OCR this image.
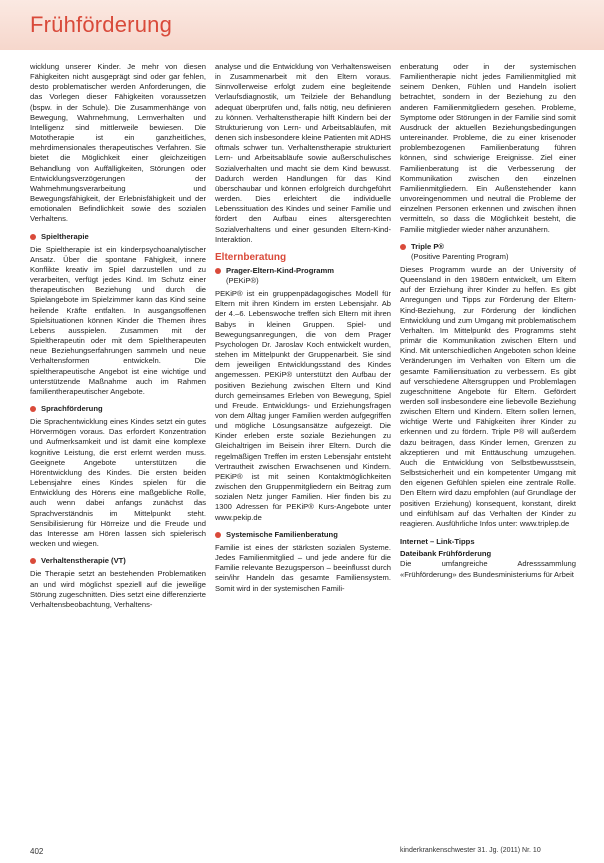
Frühförderung

wicklung unserer Kinder. Je mehr von diesen Fähigkeiten nicht ausgeprägt sind oder gar fehlen, desto problematischer werden Anforderungen, die das Vorlegen dieser Fähigkeiten voraussetzen (bspw. in der Schule). Die Zusammenhänge von Bewegung, Wahrnehmung, Lernverhalten und Intelligenz sind mittlerweile bewiesen. Die Mototherapie ist ein ganzheitliches, mehrdimensionales therapeutisches Verfahren. Sie bietet die Möglichkeit einer gleichzeitigen Behandlung von Auffälligkeiten, Störungen oder Entwicklungsverzögerungen der Wahrnehmungsverarbeitung und Bewegungsfähigkeit, der Erlebnisfähigkeit und der emotionalen Befindlichkeit sowie des sozialen Verhaltens.

Spieltherapie

Die Spieltherapie ist ein kinderpsychoanalytischer Ansatz. Über die spontane Fähigkeit, innere Konflikte kreativ im Spiel darzustellen und zu verarbeiten, verfügt jedes Kind. Im Schutz einer therapeutischen Beziehung und durch die Spielangebote im Spielzimmer kann das Kind seine heilende Kräfte entfalten. In ausgangsoffenen Spielsituationen können Kinder die Themen ihres Lebens ausspielen. Zusammen mit der Spieltherapeutin oder mit dem Spieltherapeuten neue Beziehungserfahrungen sammeln und neue Verhaltensformen entwickeln. Die spieltherapeutische Angebot ist eine wichtige und unterstützende Maßnahme auch im Rahmen familientherapeutischer Angebote.

Sprachförderung

Die Sprachentwicklung eines Kindes setzt ein gutes Hörvermögen voraus. Das erfordert Konzentration und Aufmerksamkeit und ist damit eine komplexe kognitive Leistung, die erst erlernt werden muss. Geeignete Angebote unterstützen die Hörentwicklung des Kindes. Die ersten beiden Lebensjahre eines Kindes spielen für die Entwicklung des Hörens eine maßgebliche Rolle, auch wenn dabei anfangs zunächst das Sprachverständnis im Mittelpunkt steht. Sensibilisierung für Hörreize und die Freude und das Interesse am Hören lassen sich spielerisch wecken und wiegen.

Verhaltenstherapie (VT)

Die Therapie setzt an bestehenden Problematiken an und wird möglichst speziell auf die jeweilige Störung zugeschnitten. Dies setzt eine differenzierte Verhaltensbeobachtung, Verhaltens-

analyse und die Entwicklung von Verhaltensweisen in Zusammenarbeit mit den Eltern voraus. Sinnvollerweise erfolgt zudem eine begleitende Verlaufsdiagnostik, um Teilziele der Behandlung adequat überprüfen und, falls nötig, neu definieren zu können. Verhaltenstherapie hilft Kindern bei der Strukturierung von Lern- und Arbeitsabläufen, mit denen sich insbesondere kleine Patienten mit ADHS oftmals schwer tun. Verhaltenstherapie strukturiert Lern- und Arbeitsabläufe sowie außerschulisches Sozialverhalten und macht sie dem Kind bewusst. Dadurch werden Handlungen für das Kind überschaubar und können erfolgreich durchgeführt werden. Dies erleichtert die individuelle Lebenssituation des Kindes und seiner Familie und fördert den Aufbau eines altersgerechten Sozialverhaltens und einer gesunden Eltern-Kind-Interaktion.

Elternberatung
Prager-Eltern-Kind-Programm
(PEKiP®)

PEKiP® ist ein gruppenpädagogisches Modell für Eltern mit ihren Kindern im ersten Lebensjahr. Ab der 4.–6. Lebenswoche treffen sich Eltern mit ihren Babys in kleinen Gruppen. Spiel- und Bewegungsanregungen, die von dem Prager Psychologen Dr. Jaroslav Koch entwickelt wurden, stehen im Mittelpunkt der Gruppenarbeit. Sie sind dem jeweiligen Entwicklungsstand des Kindes angemessen. PEKiP® unterstützt den Aufbau der positiven Beziehung zwischen Eltern und Kind durch gemeinsames Erleben von Bewegung, Spiel und Freude. Entwicklungs- und Erziehungsfragen von dem Alltag junger Familien werden aufgegriffen und mögliche Lösungsansätze aufgezeigt. Die Kinder erleben erste soziale Beziehungen zu Gleichaltrigen im Beisein ihrer Eltern. Durch die regelmäßigen Treffen im ersten Lebensjahr entsteht Vertrautheit zwischen Erwachsenen und Kindern. PEKiP® ist mit seinen Kontaktmöglichkeiten zwischen den Gruppenmitgliedern ein Beitrag zum sozialen Netz junger Familien. Hier finden bis zu 1300 Adressen für PEKiP® Kurs-Angebote unter www.pekip.de

Systemische Familienberatung

Familie ist eines der stärksten sozialen Systeme. Jedes Familienmitglied – und jede andere für die Familie relevante Bezugsperson – beeinflusst durch sein/ihr Handeln das gesamte Familiensystem. Somit wird in der systemischen Famili-

enberatung oder in der systemischen Familientherapie nicht jedes Familienmitglied mit seinem Denken, Fühlen und Handeln isoliert betrachtet, sondern in der Beziehung zu den anderen Familienmitgliedern gesehen. Probleme, Symptome oder Störungen in der Familie sind somit Ausdruck der aktuellen Beziehungsbedingungen untereinander. Probleme, die zu einer krisenoder problembezogenen Familienberatung führen können, sind schwierige Ereignisse. Ziel einer Familienberatung ist die Verbesserung der Kommunikation zwischen den einzelnen Familienmitgliedern. Ein Außenstehender kann unvoreingenommen und neutral die Probleme der einzelnen Personen erkennen und zwischen ihnen vermitteln, so dass die Möglichkeit besteht, die Familie mitglieder wieder näher anzunähern.

Triple P®
(Positive Parenting Program)

Dieses Programm wurde an der University of Queensland in den 1980ern entwickelt, um Eltern auf der Erziehung ihrer Kinder zu helfen. Es gibt Anregungen und Tipps zur Förderung der Eltern-Kind-Beziehung, zur Förderung der kindlichen Entwicklung und zum Umgang mit problematischem Verhalten. Im Mittelpunkt des Programms steht primär die Kommunikation zwischen Eltern und Kind. Mit unterschiedlichen Angeboten schon kleine Veränderungen im Verhalten von Eltern um die gesamte Familiensituation zu verbessern. Es gibt auf verschiedene Altersgruppen und Problemlagen zugeschnittene Angebote für Eltern. Gefördert werden soll insbesondere eine liebevolle Beziehung zwischen Eltern und Kindern. Eltern sollen lernen, wichtige Werte und Fähigkeiten ihrer Kinder zu erkennen und zu fördern. Triple P® will außerdem dazu beitragen, dass Kinder lernen, Grenzen zu akzeptieren und mit Enttäuschung umzugehen. Auch die Entwicklung von Selbstbewusstsein, Selbstsicherheit und ein kompetenter Umgang mit den eigenen Gefühlen spielen eine zentrale Rolle. Den Eltern wird dazu empfohlen (auf Grundlage der positiven Erziehung) konsequent, konstant, direkt und einfühlsam auf das Verhalten der Kinder zu reagieren. Ausführliche Infos unter: www.triplep.de

Internet – Link-Tipps
Dateibank Frühförderung

Die umfangreiche Adresssammlung «Frühförderung» des Bundesministeriums für Arbeit

402	kinderkrankenschwester 31. Jg. (2011) Nr. 10
